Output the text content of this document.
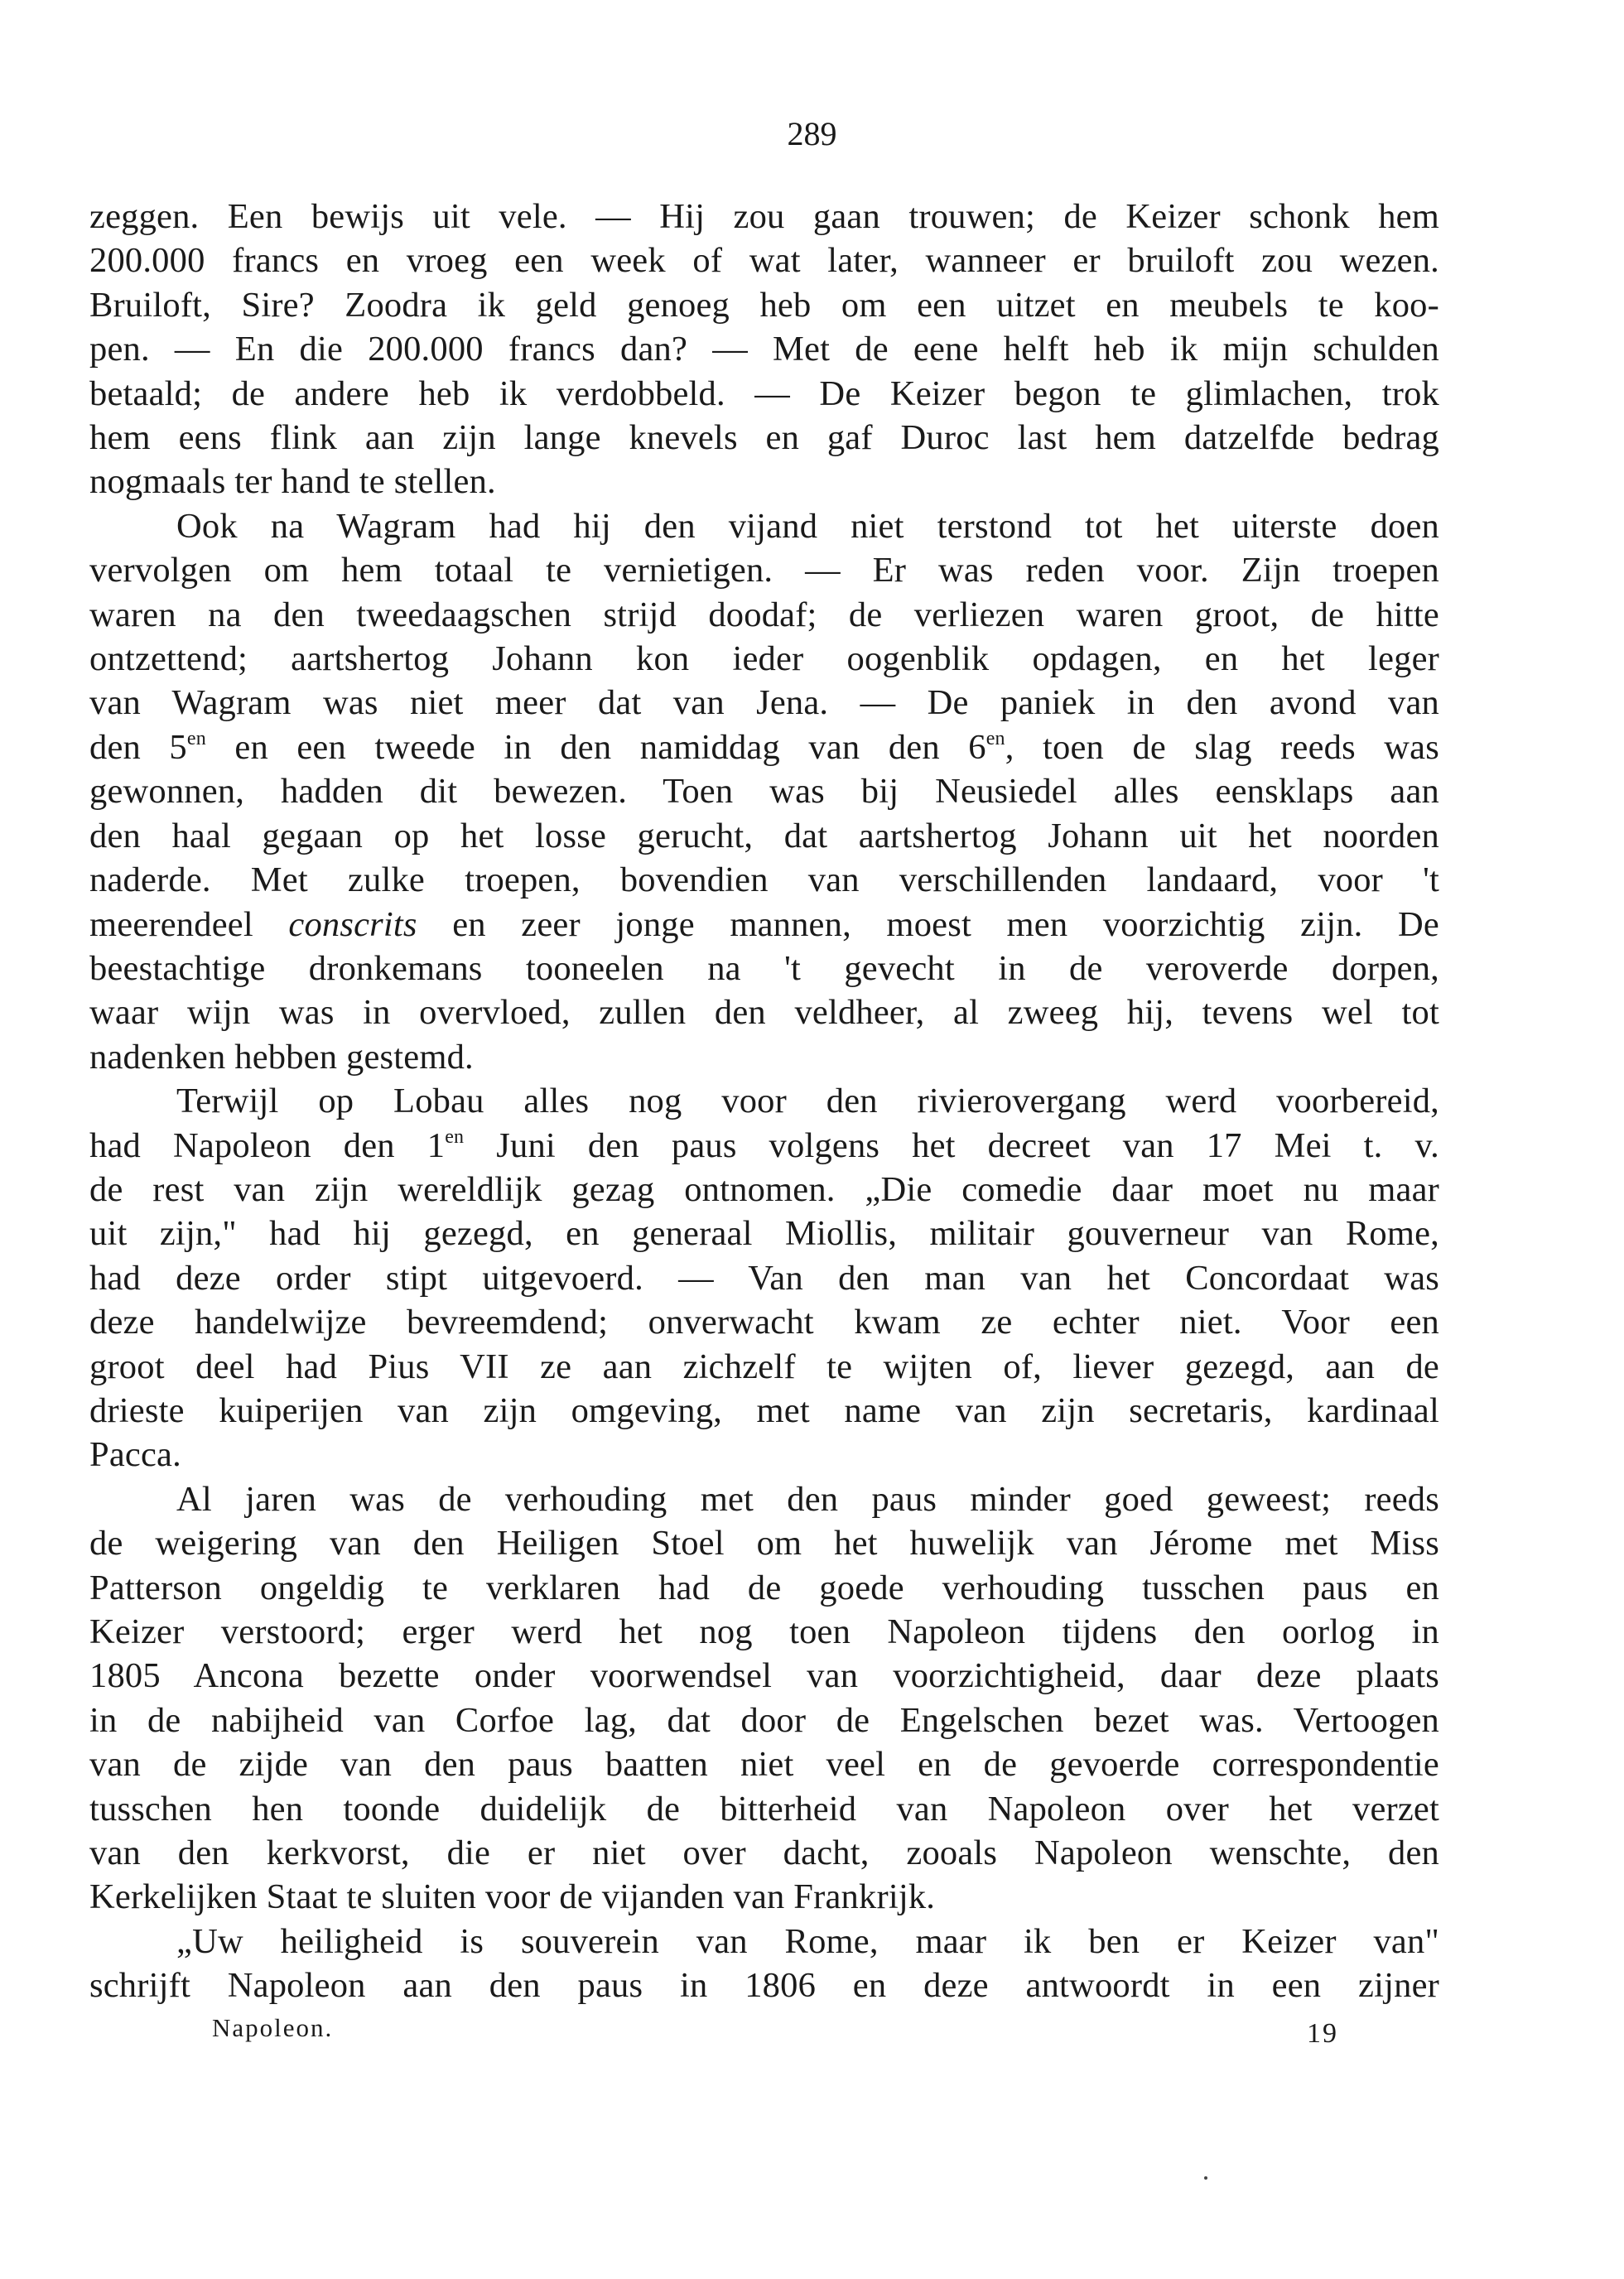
289
zeggen. Een bewijs uit vele. — Hij zou gaan trouwen; de Keizer schonk hem
200.000 francs en vroeg een week of wat later, wanneer er bruiloft zou wezen.
Bruiloft, Sire? Zoodra ik geld genoeg heb om een uitzet en meubels te koo-
pen. — En die 200.000 francs dan? — Met de eene helft heb ik mijn schulden
betaald; de andere heb ik verdobbeld. — De Keizer begon te glimlachen, trok
hem eens flink aan zijn lange knevels en gaf Duroc last hem datzelfde bedrag
nogmaals ter hand te stellen.
Ook na Wagram had hij den vijand niet terstond tot het uiterste doen
vervolgen om hem totaal te vernietigen. — Er was reden voor. Zijn troepen
waren na den tweedaagschen strijd doodaf; de verliezen waren groot, de hitte
ontzettend; aartshertog Johann kon ieder oogenblik opdagen, en het leger
van Wagram was niet meer dat van Jena. — De paniek in den avond van
den $5^{en}$ en een tweede in den namiddag van den $6^{en}$, toen de slag reeds was
gewonnen, hadden dit bewezen. Toen was bij Neusiedel alles eensklaps aan
den haal gegaan op het losse gerucht, dat aartshertog Johann uit het noorden
naderde. Met zulke troepen, bovendien van verschillenden landaard, voor 't
meerendeel conscrits en zeer jonge mannen, moest men voorzichtig zijn. De
beestachtige dronkemans tooneelen na 't gevecht in de veroverde dorpen,
waar wijn was in overvloed, zullen den veldheer, al zweeg hij, tevens wel tot
nadenken hebben gestemd.
Terwijl op Lobau alles nog voor den rivierovergang werd voorbereid,
had Napoleon den $1^{en}$ Juni den paus volgens het decreet van 17 Mei t. v.
de rest van zijn wereldlijk gezag ontnomen. „Die comedie daar moet nu maar
uit zijn," had hij gezegd, en generaal Miollis, militair gouverneur van Rome,
had deze order stipt uitgevoerd. — Van den man van het Concordaat was
deze handelwijze bevreemdend; onverwacht kwam ze echter niet. Voor een
groot deel had Pius VII ze aan zichzelf te wijten of, liever gezegd, aan de
drieste kuiperijen van zijn omgeving, met name van zijn secretaris, kardinaal
Pacca.
Al jaren was de verhouding met den paus minder goed geweest; reeds
de weigering van den Heiligen Stoel om het huwelijk van Jérome met Miss
Patterson ongeldig te verklaren had de goede verhouding tusschen paus en
Keizer verstoord; erger werd het nog toen Napoleon tijdens den oorlog in
1805 Ancona bezette onder voorwendsel van voorzichtigheid, daar deze plaats
in de nabijheid van Corfoe lag, dat door de Engelschen bezet was. Vertoogen
van de zijde van den paus baatten niet veel en de gevoerde correspondentie
tusschen hen toonde duidelijk de bitterheid van Napoleon over het verzet
van den kerkvorst, die er niet over dacht, zooals Napoleon wenschte, den
Kerkelijken Staat te sluiten voor de vijanden van Frankrijk.
„Uw heiligheid is souverein van Rome, maar ik ben er Keizer van"
schrijft Napoleon aan den paus in 1806 en deze antwoordt in een zijner
Napoleon.	19
